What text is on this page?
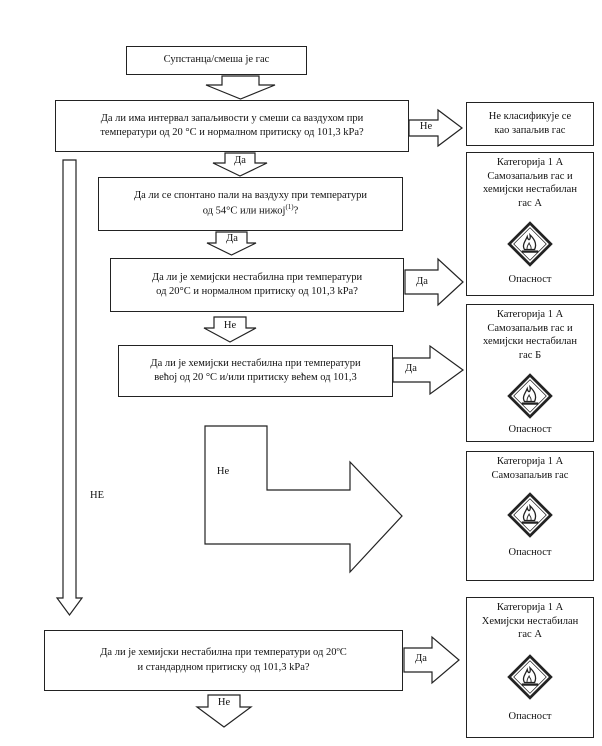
Не
Да
НЕ
Да
Да
Не
Да
Не
Да
Не
Супстанца/смеша је гас
Да ли има интервал запаљивости у смеши са ваздухом при
температури од 20 °C и нормалном притиску од 101,3 kPa?
Да ли се спонтано пали на ваздуху при температури
од 54°C или нижој$^{(1)}$?
Да ли је хемијски нестабилна при температури
од 20°C и нормалном притиску од 101,3 kPa?
Да ли је хемијски нестабилна при температури
већој од 20 °C и/или притиску већем од 101,3
Да ли је хемијски нестабилна при температури од 20ºC
и стандардном притиску од 101,3 kPa?
Не класификује се
као запаљив гас
Категорија 1 А
Самозапаљив гас и
хемијски нестабилан
гас А
Опасност
Категорија 1 А
Самозапаљив гас и
хемијски нестабилан
гас Б
Опасност
Категорија 1 А
Самозапаљив гас
Опасност
Категорија 1 А
Хемијски нестабилан
гас А
Опасност
